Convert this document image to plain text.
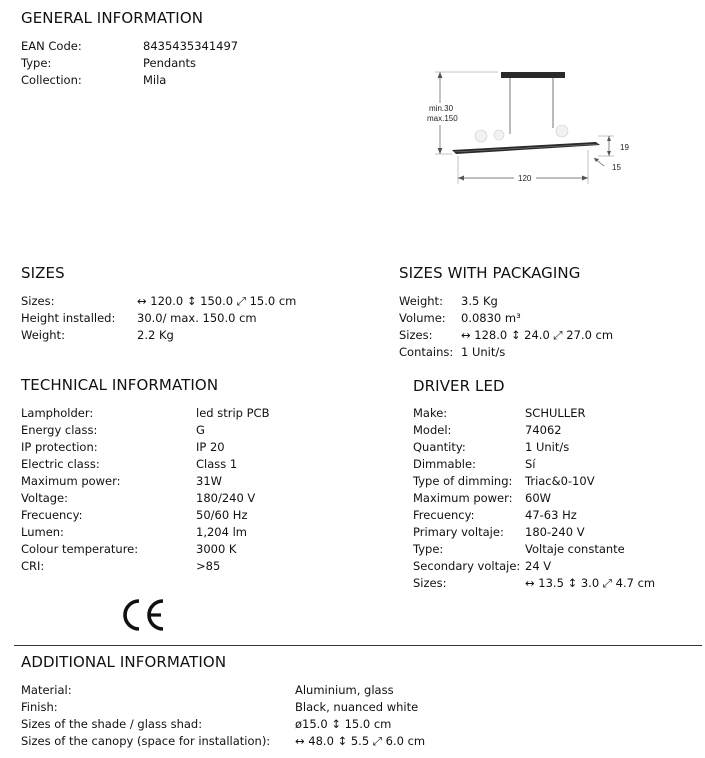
GENERAL INFORMATION
EAN Code:	8435435341497
Type:	Pendants
Collection:	Mila
min.30
max.150
120
19
15
SIZES
Sizes:	↔ 120.0 ↕ 150.0 ⤢ 15.0 cm
Height installed:	30.0/ max. 150.0 cm
Weight:	2.2 Kg
SIZES WITH PACKAGING
Weight:	3.5 Kg
Volume:	0.0830 m³
Sizes:	↔ 128.0 ↕ 24.0 ⤢ 27.0 cm
Contains: 1 Unit/s
TECHNICAL INFORMATION
Lampholder:	led strip PCB
Energy class:	G
IP protection:	IP 20
Electric class:	Class 1
Maximum power:	31W
Voltage:	180/240 V
Frecuency:	50/60 Hz
Lumen:	1,204 lm
Colour temperature:	3000 K
CRI:	>85
DRIVER LED
Make:	SCHULLER
Model:	74062
Quantity:	1 Unit/s
Dimmable:	Sí
Type of dimming:	Triac&0-10V
Maximum power:	60W
Frecuency:	47-63 Hz
Primary voltaje:	180-240 V
Type:	Voltaje constante
Secondary voltaje: 24 V
Sizes:	↔ 13.5 ↕ 3.0 ⤢ 4.7 cm
ADDITIONAL INFORMATION
Material:	Aluminium, glass
Finish:	Black, nuanced white
Sizes of the shade / glass shad:	ø15.0 ↕ 15.0 cm
Sizes of the canopy (space for installation):	↔ 48.0 ↕ 5.5 ⤢ 6.0 cm
